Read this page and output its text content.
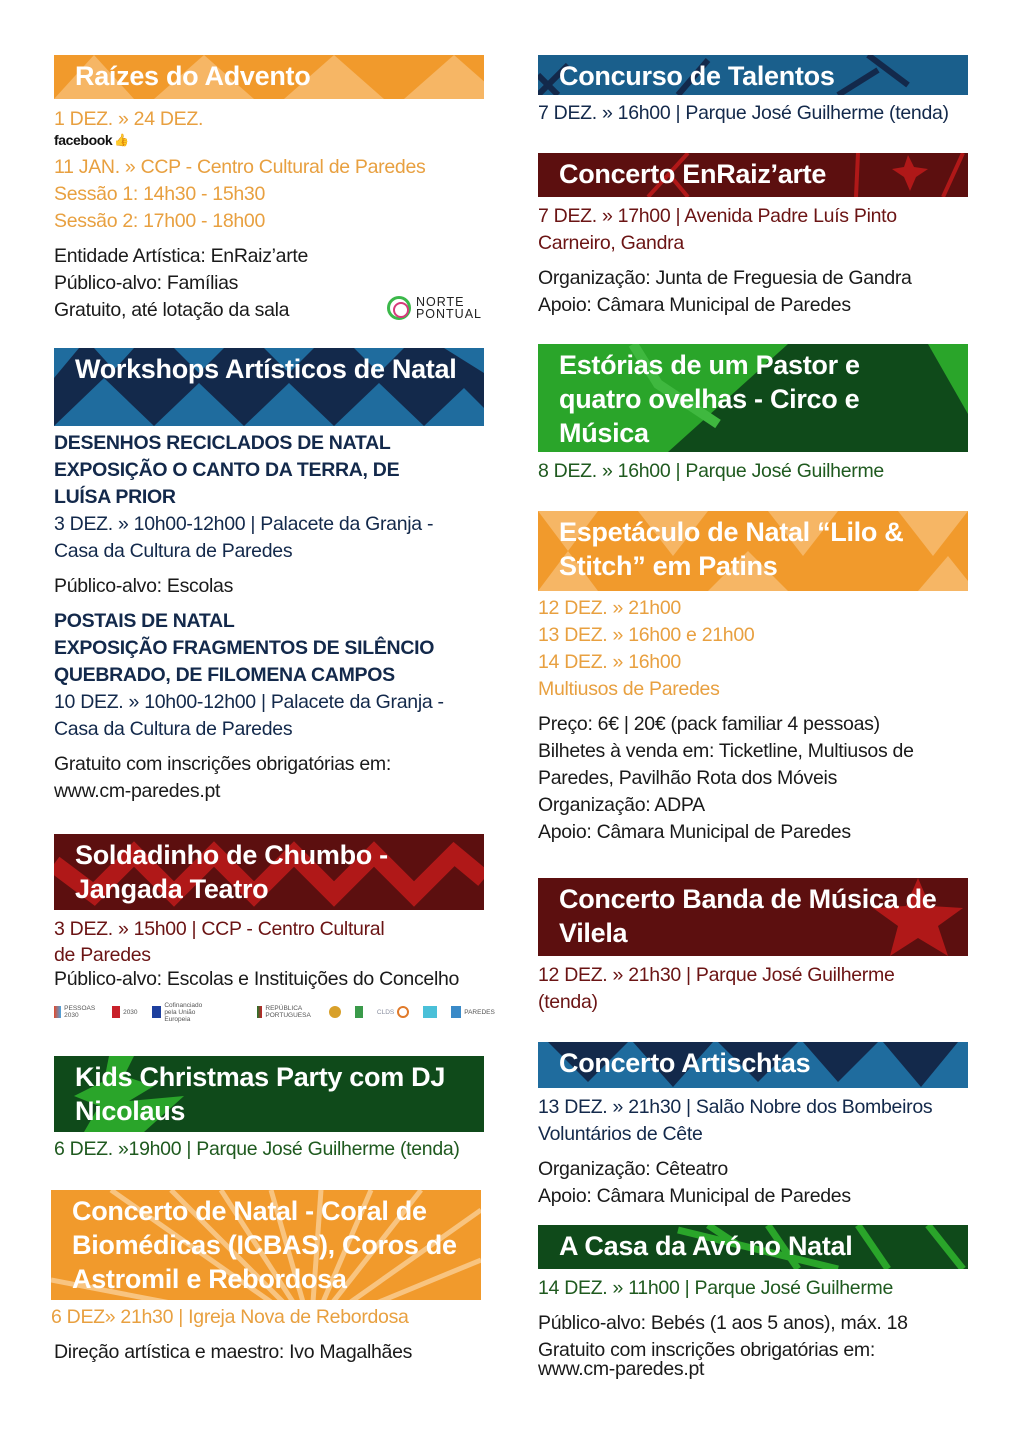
Raízes do Advento
1 DEZ. » 24 DEZ.
facebook 👍
11 JAN. » CCP - Centro Cultural de Paredes
Sessão 1: 14h30 - 15h30
Sessão 2: 17h00 - 18h00
Entidade Artística: EnRaiz’arte
Público-alvo: Famílias
Gratuito, até lotação da sala	NORTE
PONTUAL
Workshops Artísticos de Natal
DESENHOS RECICLADOS DE NATAL
EXPOSIÇÃO O CANTO DA TERRA, DE
LUÍSA PRIOR
3 DEZ. » 10h00-12h00 | Palacete da Granja -
Casa da Cultura de Paredes
Público-alvo: Escolas
POSTAIS DE NATAL
EXPOSIÇÃO FRAGMENTOS DE SILÊNCIO
QUEBRADO, DE FILOMENA CAMPOS
10 DEZ. » 10h00-12h00 | Palacete da Granja -
Casa da Cultura de Paredes
Gratuito com inscrições obrigatórias em:
www.cm-paredes.pt
Soldadinho de Chumbo - Jangada Teatro
3 DEZ. » 15h00 | CCP - Centro Cultural
de Paredes
Público-alvo: Escolas e Instituições do Concelho
PESSOAS 2030	2030
Cofinanciado pela União Europeia
REPÚBLICA PORTUGUESA	CLDS	PAREDES
Kids Christmas Party com DJ Nicolaus
6 DEZ. »19h00 | Parque José Guilherme (tenda)
Concerto de Natal - Coral de Biomédicas (ICBAS), Coros de Astromil e Rebordosa
6 DEZ» 21h30 | Igreja Nova de Rebordosa
Direção artística e maestro: Ivo Magalhães
Concurso de Talentos
7 DEZ. » 16h00 | Parque José Guilherme (tenda)
Concerto EnRaiz’arte
7 DEZ. » 17h00 | Avenida Padre Luís Pinto
Carneiro, Gandra
Organização: Junta de Freguesia de Gandra
Apoio: Câmara Municipal de Paredes
Estórias de um Pastor e quatro ovelhas - Circo e Música
8 DEZ. » 16h00 | Parque José Guilherme
Espetáculo de Natal “Lilo & Stitch” em Patins
12 DEZ. » 21h00
13 DEZ. » 16h00 e 21h00
14 DEZ. » 16h00
Multiusos de Paredes
Preço: 6€ | 20€ (pack familiar 4 pessoas)
Bilhetes à venda em: Ticketline, Multiusos de
Paredes, Pavilhão Rota dos Móveis
Organização: ADPA
Apoio: Câmara Municipal de Paredes
Concerto Banda de Música de Vilela
12 DEZ. » 21h30 | Parque José Guilherme
(tenda)
Concerto Artischtas
13 DEZ. » 21h30 | Salão Nobre dos Bombeiros
Voluntários de Cête
Organização: Cêteatro
Apoio: Câmara Municipal de Paredes
A Casa da Avó no Natal
14 DEZ. » 11h00 | Parque José Guilherme
Público-alvo: Bebés (1 aos 5 anos), máx. 18
Gratuito com inscrições obrigatórias em:
www.cm-paredes.pt
